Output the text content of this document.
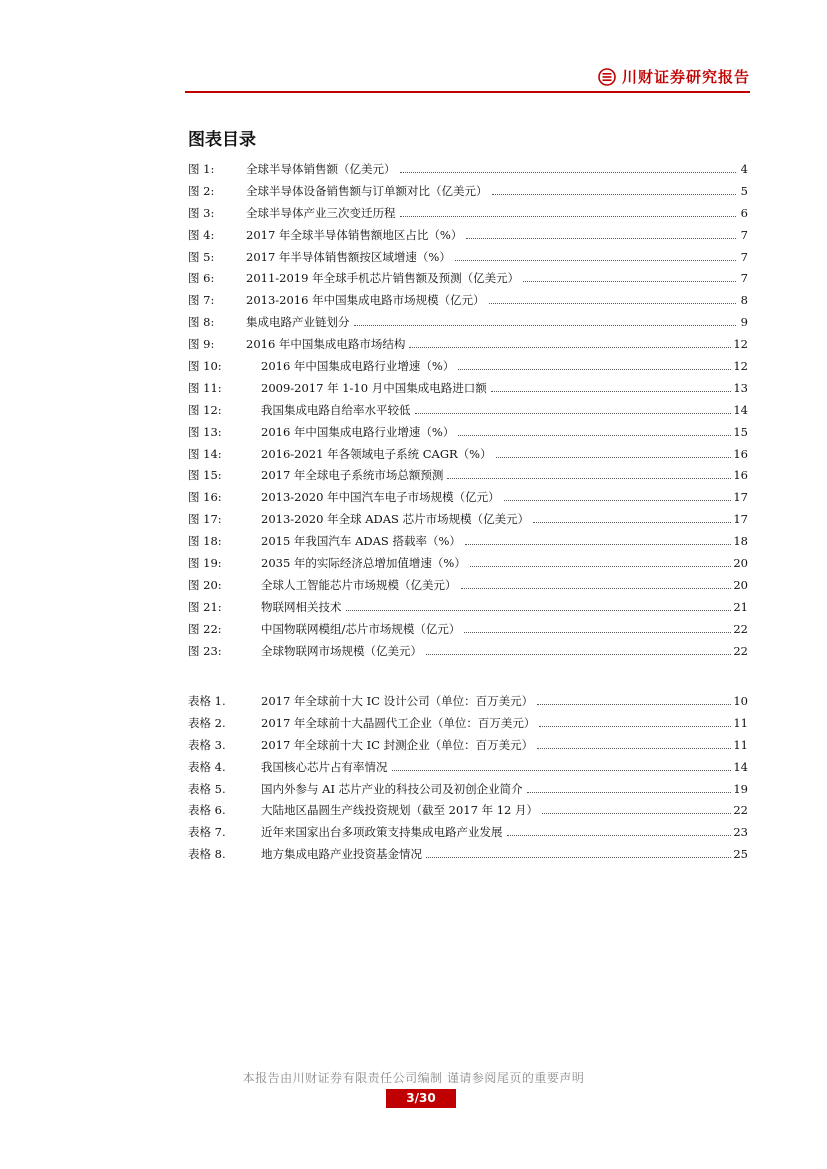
川财证券研究报告
图表目录
图 1:	全球半导体销售额（亿美元）	4
图 2:	全球半导体设备销售额与订单额对比（亿美元）	5
图 3:	全球半导体产业三次变迁历程	6
图 4:	2017 年全球半导体销售额地区占比（%）	7
图 5:	2017 年半导体销售额按区域增速（%）	7
图 6:	2011-2019 年全球手机芯片销售额及预测（亿美元）	7
图 7:	2013-2016 年中国集成电路市场规模（亿元）	8
图 8:	集成电路产业链划分	9
图 9:	2016 年中国集成电路市场结构	12
图 10:	2016 年中国集成电路行业增速（%）	12
图 11:	2009-2017 年 1-10 月中国集成电路进口额	13
图 12:	我国集成电路自给率水平较低	14
图 13:	2016 年中国集成电路行业增速（%）	15
图 14:	2016-2021 年各领域电子系统 CAGR（%）	16
图 15:	2017 年全球电子系统市场总额预测	16
图 16:	2013-2020 年中国汽车电子市场规模（亿元）	17
图 17:	2013-2020 年全球 ADAS 芯片市场规模（亿美元）	17
图 18:	2015 年我国汽车 ADAS 搭载率（%）	18
图 19:	2035 年的实际经济总增加值增速（%）	20
图 20:	全球人工智能芯片市场规模（亿美元）	20
图 21:	物联网相关技术	21
图 22:	中国物联网模组/芯片市场规模（亿元）	22
图 23:	全球物联网市场规模（亿美元）	22
表格 1.	2017 年全球前十大 IC 设计公司（单位：百万美元）	10
表格 2.	2017 年全球前十大晶圆代工企业（单位：百万美元）	11
表格 3.	2017 年全球前十大 IC 封测企业（单位：百万美元）	11
表格 4.	我国核心芯片占有率情况	14
表格 5.	国内外参与 AI 芯片产业的科技公司及初创企业简介	19
表格 6.	大陆地区晶圆生产线投资规划（截至 2017 年 12 月）	22
表格 7.	近年来国家出台多项政策支持集成电路产业发展	23
表格 8.	地方集成电路产业投资基金情况	25
本报告由川财证券有限责任公司编制 谨请参阅尾页的重要声明
3/30
